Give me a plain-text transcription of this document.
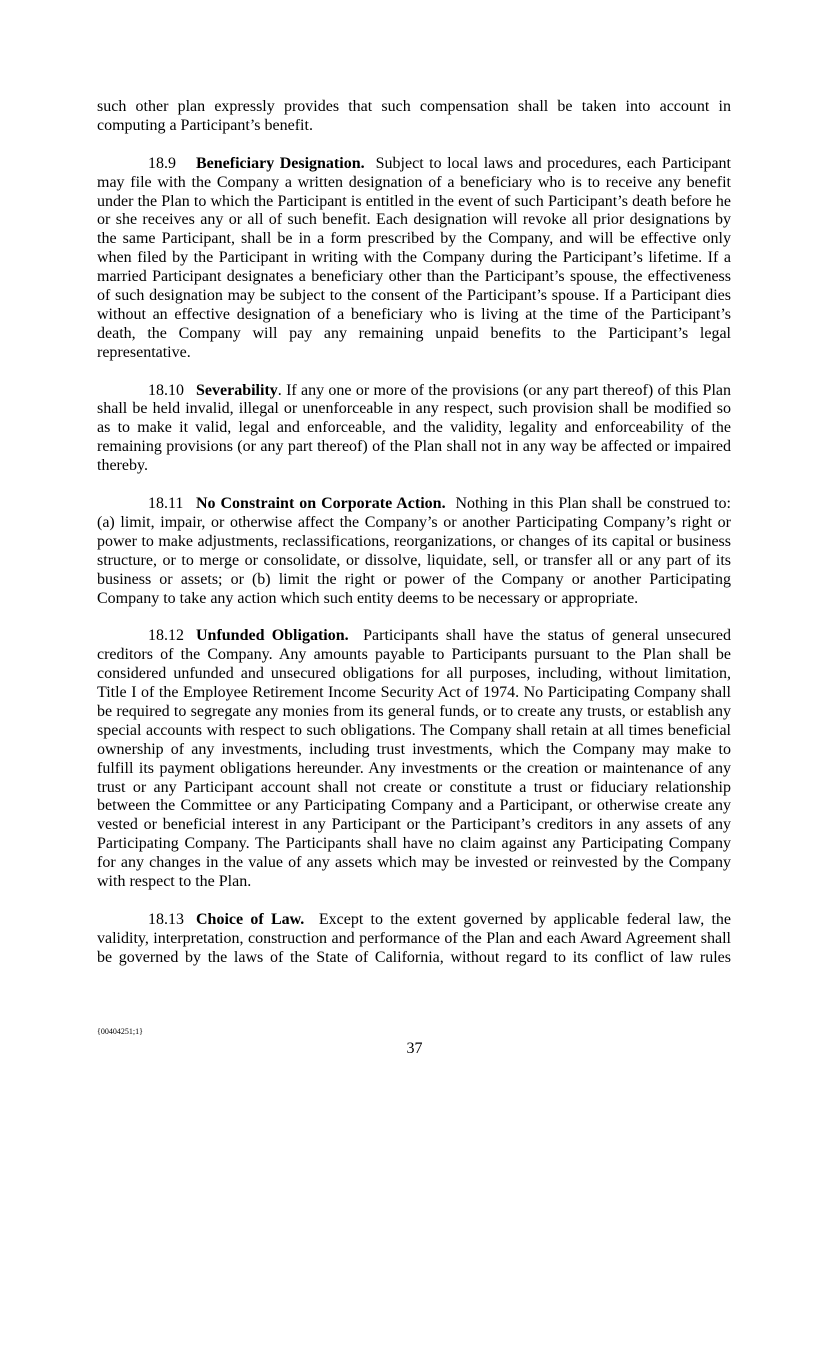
such other plan expressly provides that such compensation shall be taken into account in computing a Participant’s benefit.

18.9 Beneficiary Designation. Subject to local laws and procedures, each Participant may file with the Company a written designation of a beneficiary who is to receive any benefit under the Plan to which the Participant is entitled in the event of such Participant’s death before he or she receives any or all of such benefit. Each designation will revoke all prior designations by the same Participant, shall be in a form prescribed by the Company, and will be effective only when filed by the Participant in writing with the Company during the Participant’s lifetime. If a married Participant designates a beneficiary other than the Participant’s spouse, the effectiveness of such designation may be subject to the consent of the Participant’s spouse. If a Participant dies without an effective designation of a beneficiary who is living at the time of the Participant’s death, the Company will pay any remaining unpaid benefits to the Participant’s legal representative.

18.10 Severability. If any one or more of the provisions (or any part thereof) of this Plan shall be held invalid, illegal or unenforceable in any respect, such provision shall be modified so as to make it valid, legal and enforceable, and the validity, legality and enforceability of the remaining provisions (or any part thereof) of the Plan shall not in any way be affected or impaired thereby.

18.11 No Constraint on Corporate Action. Nothing in this Plan shall be construed to: (a) limit, impair, or otherwise affect the Company’s or another Participating Company’s right or power to make adjustments, reclassifications, reorganizations, or changes of its capital or business structure, or to merge or consolidate, or dissolve, liquidate, sell, or transfer all or any part of its business or assets; or (b) limit the right or power of the Company or another Participating Company to take any action which such entity deems to be necessary or appropriate.

18.12 Unfunded Obligation. Participants shall have the status of general unsecured creditors of the Company. Any amounts payable to Participants pursuant to the Plan shall be considered unfunded and unsecured obligations for all purposes, including, without limitation, Title I of the Employee Retirement Income Security Act of 1974. No Participating Company shall be required to segregate any monies from its general funds, or to create any trusts, or establish any special accounts with respect to such obligations. The Company shall retain at all times beneficial ownership of any investments, including trust investments, which the Company may make to fulfill its payment obligations hereunder. Any investments or the creation or maintenance of any trust or any Participant account shall not create or constitute a trust or fiduciary relationship between the Committee or any Participating Company and a Participant, or otherwise create any vested or beneficial interest in any Participant or the Participant’s creditors in any assets of any Participating Company. The Participants shall have no claim against any Participating Company for any changes in the value of any assets which may be invested or reinvested by the Company with respect to the Plan.

18.13 Choice of Law. Except to the extent governed by applicable federal law, the validity, interpretation, construction and performance of the Plan and each Award Agreement shall be governed by the laws of the State of California, without regard to its conflict of law rules

{00404251;1}
37
